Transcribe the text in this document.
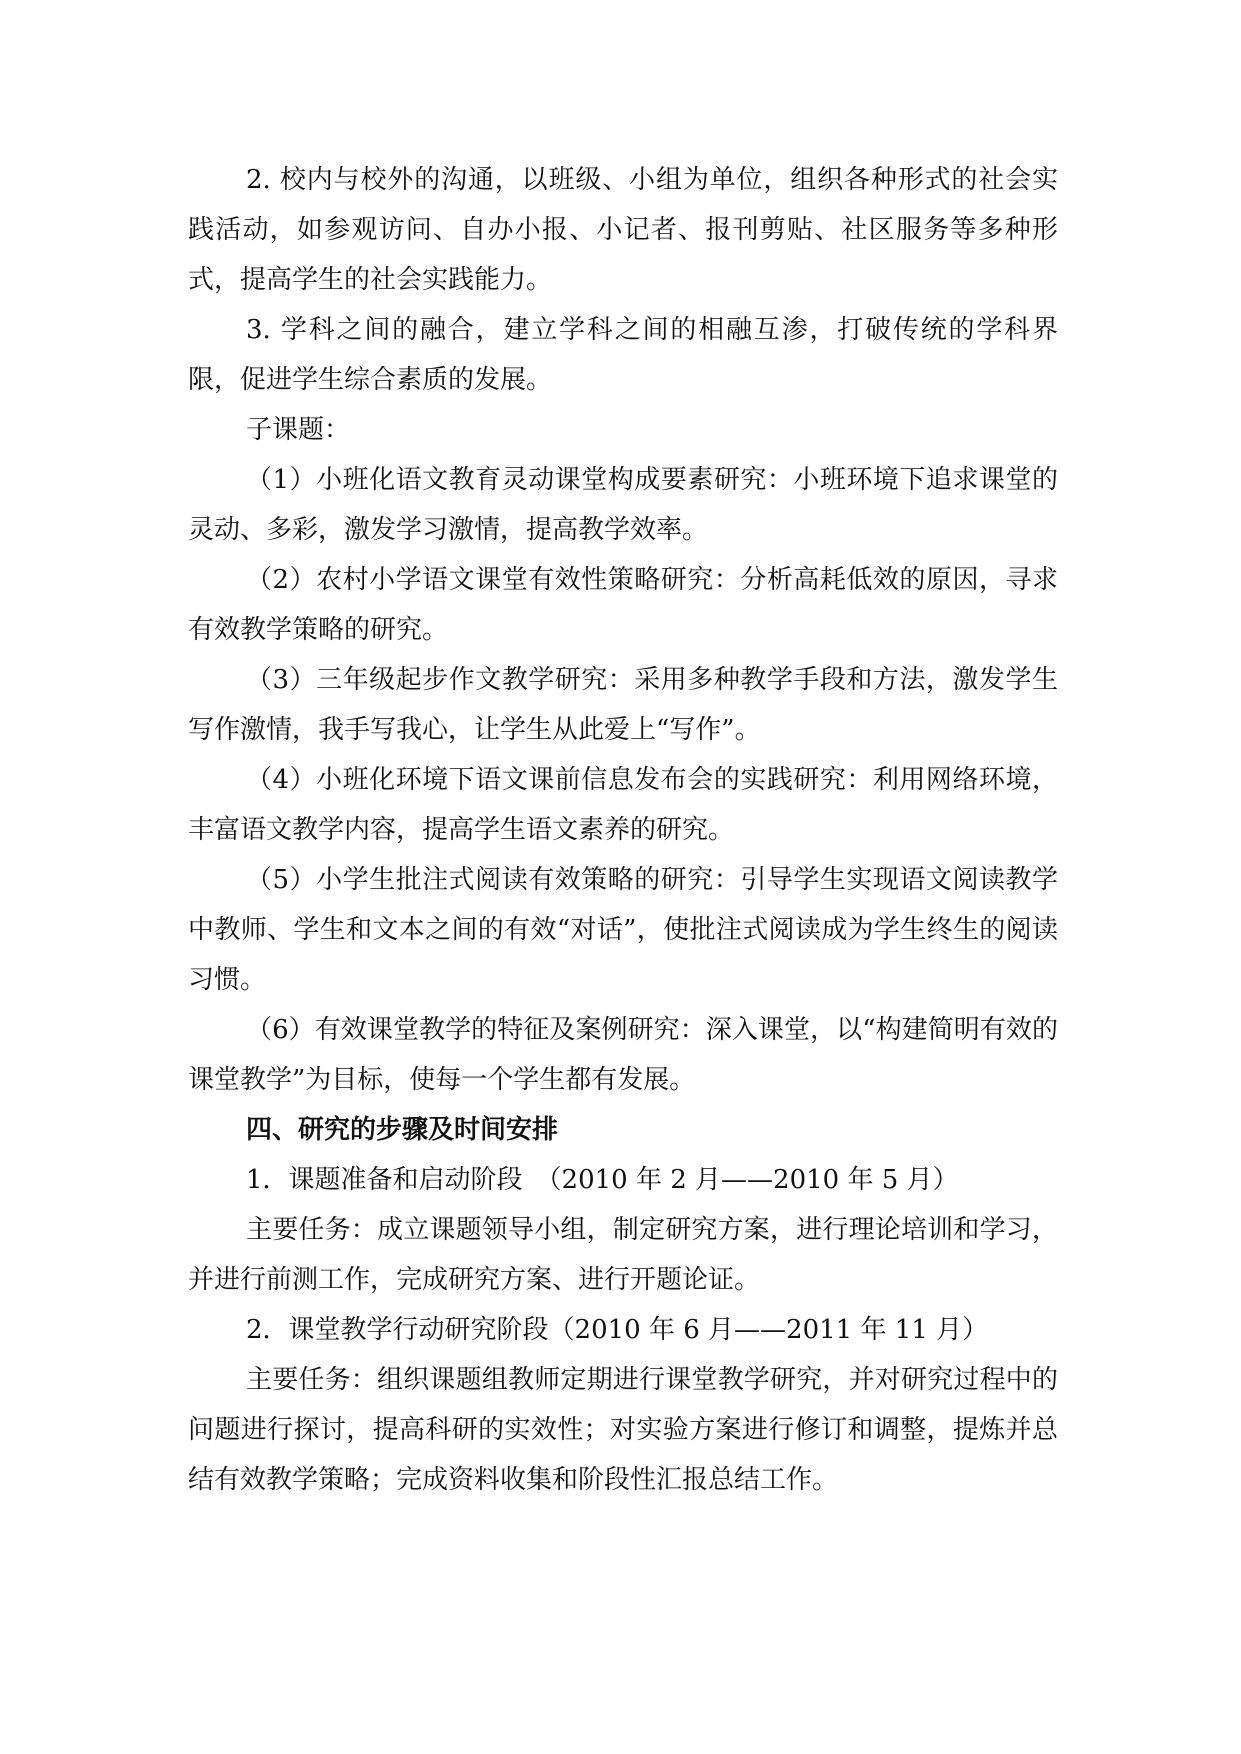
2. 校内与校外的沟通，以班级、小组为单位，组织各种形式的社会实践活动，如参观访问、自办小报、小记者、报刊剪贴、社区服务等多种形式，提高学生的社会实践能力。

3. 学科之间的融合，建立学科之间的相融互渗，打破传统的学科界限，促进学生综合素质的发展。

子课题：

（1）小班化语文教育灵动课堂构成要素研究：小班环境下追求课堂的灵动、多彩，激发学习激情，提高教学效率。

（2）农村小学语文课堂有效性策略研究：分析高耗低效的原因，寻求有效教学策略的研究。

（3）三年级起步作文教学研究：采用多种教学手段和方法，激发学生写作激情，我手写我心，让学生从此爱上“写作”。

（4）小班化环境下语文课前信息发布会的实践研究：利用网络环境，丰富语文教学内容，提高学生语文素养的研究。

（5）小学生批注式阅读有效策略的研究：引导学生实现语文阅读教学中教师、学生和文本之间的有效“对话”，使批注式阅读成为学生终生的阅读习惯。

（6）有效课堂教学的特征及案例研究：深入课堂，以“构建简明有效的课堂教学”为目标，使每一个学生都有发展。

四、研究的步骤及时间安排

1．课题准备和启动阶段　（2010 年 2 月——2010 年 5 月）

主要任务：成立课题领导小组，制定研究方案，进行理论培训和学习，并进行前测工作，完成研究方案、进行开题论证。

2．课堂教学行动研究阶段（2010 年 6 月——2011 年 11 月）

主要任务：组织课题组教师定期进行课堂教学研究，并对研究过程中的问题进行探讨，提高科研的实效性；对实验方案进行修订和调整，提炼并总结有效教学策略；完成资料收集和阶段性汇报总结工作。
